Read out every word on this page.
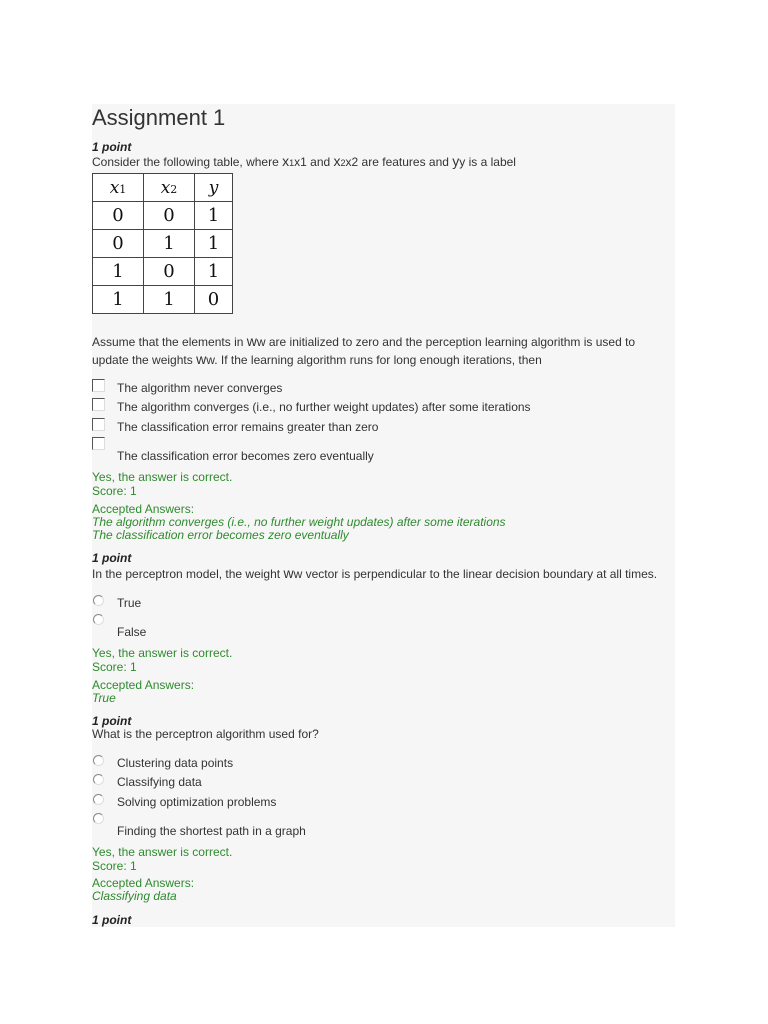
Assignment 1
1 point
Consider the following table, where x1x1 and x2x2 are features and yy is a label
x1	x2	y
0	0	1
0	1	1
1	0	1
1	1	0
Assume that the elements in ww are initialized to zero and the perception learning algorithm is used to
update the weights ww. If the learning algorithm runs for long enough iterations, then
The algorithm never converges
The algorithm converges (i.e., no further weight updates) after some iterations
The classification error remains greater than zero
The classification error becomes zero eventually
Yes, the answer is correct.
Score: 1
Accepted Answers:
The algorithm converges (i.e., no further weight updates) after some iterations
The classification error becomes zero eventually
1 point
In the perceptron model, the weight ww vector is perpendicular to the linear decision boundary at all times.
True
False
Yes, the answer is correct.
Score: 1
Accepted Answers:
True
1 point
What is the perceptron algorithm used for?
Clustering data points
Classifying data
Solving optimization problems
Finding the shortest path in a graph
Yes, the answer is correct.
Score: 1
Accepted Answers:
Classifying data
1 point
